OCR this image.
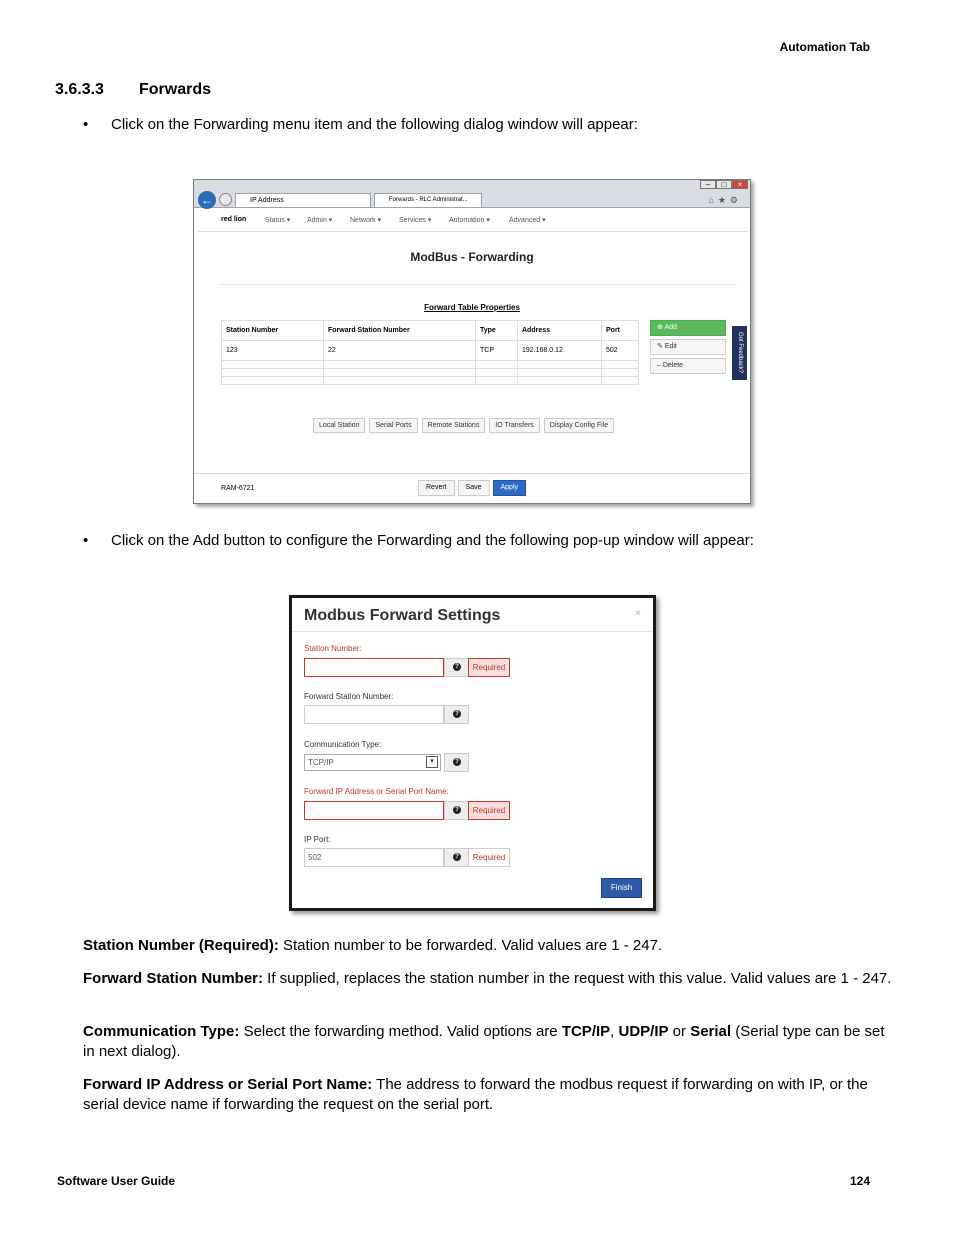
Automation Tab
3.6.3.3 Forwards
• Click on the Forwarding menu item and the following dialog window will appear:
←	IP Address	Forwards - RLC Administrat...
– □ ×
⌂★⚙
red lion	Status ▾ Admin ▾	Network ▾	Services ▾	Automation ▾	Advanced ▾
ModBus - Forwarding
Forward Table Properties
Station Number	Forward Station Number	Type	Address	Port
123	22	TCP	192.168.0.12	502

⊕ Add
✎ Edit
– Delete	Got Feedback?
Local Station Serial Ports Remote Stations IO Transfers Display Config File
RAM-6721	Revert	Save	Apply
• Click on the Add button to configure the Forwarding and the following pop-up window will appear:
Modbus Forward Settings	×
Station Number:
?
Required
Forward Station Number:
?
Communication Type:
TCP/IP	▾
?
Forward IP Address or Serial Port Name:
?
Required
IP Port:
502 ?	Required
Finish
Station Number (Required): Station number to be forwarded. Valid values are 1 - 247.
Forward Station Number: If supplied, replaces the station number in the request with this value. Valid values are 1 - 247.
Communication Type: Select the forwarding method. Valid options are TCP/IP, UDP/IP or Serial (Serial type can be set in next dialog).
Forward IP Address or Serial Port Name: The address to forward the modbus request if forwarding on with IP, or the serial device name if forwarding the request on the serial port.
Software User Guide	124
